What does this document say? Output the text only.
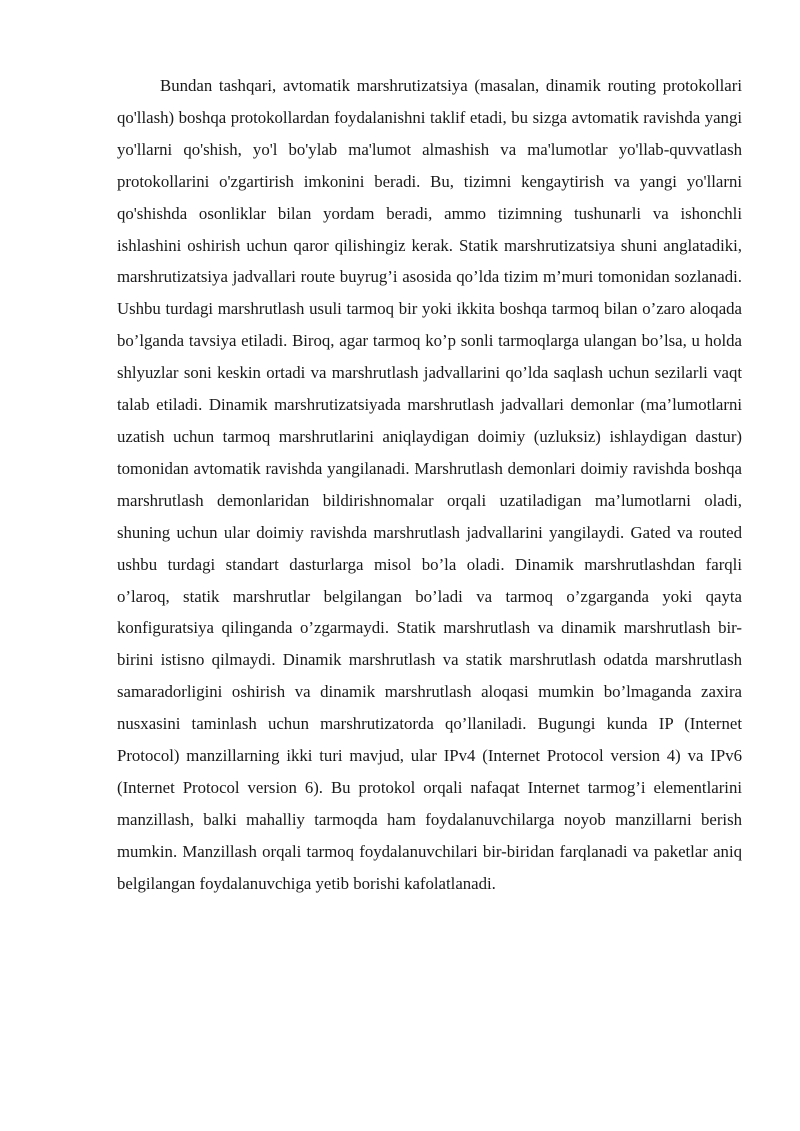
Bundan tashqari, avtomatik marshrutizatsiya (masalan, dinamik routing protokollari qo'llash) boshqa protokollardan foydalanishni taklif etadi, bu sizga avtomatik ravishda yangi yo'llarni qo'shish, yo'l bo'ylab ma'lumot almashish va ma'lumotlar yo'llab-quvvatlash protokollarini o'zgartirish imkonini beradi. Bu, tizimni kengaytirish va yangi yo'llarni qo'shishda osonliklar bilan yordam beradi, ammo tizimning tushunarli va ishonchli ishlashini oshirish uchun qaror qilishingiz kerak. Statik marshrutizatsiya shuni anglatadiki, marshrutizatsiya jadvallari route buyrug’i asosida qo’lda tizim m’muri tomonidan sozlanadi. Ushbu turdagi marshrutlash usuli tarmoq bir yoki ikkita boshqa tarmoq bilan o’zaro aloqada bo’lganda tavsiya etiladi. Biroq, agar tarmoq ko’p sonli tarmoqlarga ulangan bo’lsa, u holda shlyuzlar soni keskin ortadi va marshrutlash jadvallarini qo’lda saqlash uchun sezilarli vaqt talab etiladi. Dinamik marshrutizatsiyada marshrutlash jadvallari demonlar (ma’lumotlarni uzatish uchun tarmoq marshrutlarini aniqlaydigan doimiy (uzluksiz) ishlaydigan dastur) tomonidan avtomatik ravishda yangilanadi. Marshrutlash demonlari doimiy ravishda boshqa marshrutlash demonlaridan bildirishnomalar orqali uzatiladigan ma’lumotlarni oladi, shuning uchun ular doimiy ravishda marshrutlash jadvallarini yangilaydi. Gated va routed ushbu turdagi standart dasturlarga misol bo’la oladi. Dinamik marshrutlashdan farqli o’laroq, statik marshrutlar belgilangan bo’ladi va tarmoq o’zgarganda yoki qayta konfiguratsiya qilinganda o’zgarmaydi. Statik marshrutlash va dinamik marshrutlash bir-birini istisno qilmaydi. Dinamik marshrutlash va statik marshrutlash odatda marshrutlash samaradorligini oshirish va dinamik marshrutlash aloqasi mumkin bo’lmaganda zaxira nusxasini taminlash uchun marshrutizatorda qo’llaniladi. Bugungi kunda IP (Internet Protocol) manzillarning ikki turi mavjud, ular IPv4 (Internet Protocol version 4) va IPv6 (Internet Protocol version 6). Bu protokol orqali nafaqat Internet tarmog’i elementlarini manzillash, balki mahalliy tarmoqda ham foydalanuvchilarga noyob manzillarni berish mumkin. Manzillash orqali tarmoq foydalanuvchilari bir-biridan farqlanadi va paketlar aniq belgilangan foydalanuvchiga yetib borishi kafolatlanadi.
